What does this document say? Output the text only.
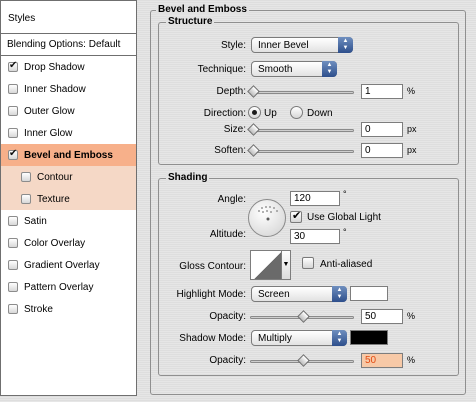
Styles
Blending Options: Default
✔
Drop Shadow
Inner Shadow
Outer Glow
Inner Glow
✔
Bevel and Emboss
Contour
Texture
Satin
Color Overlay
Gradient Overlay
Pattern Overlay
Stroke
Bevel and Emboss
Structure
Style:	Inner Bevel	▲
▼
Technique:	Smooth	▲
▼
Depth:	1	%
Direction: Up	Down
Size:	0	px
Soften:	0	px
Shading
Angle:	120	°
✔
Use Global Light
Altitude:	30	°
Gloss Contour:	▼	Anti-aliased
Highlight Mode:	Screen	▲
▼
Opacity:	50	%
Shadow Mode:	Multiply	▲
▼
Opacity:	50	%
